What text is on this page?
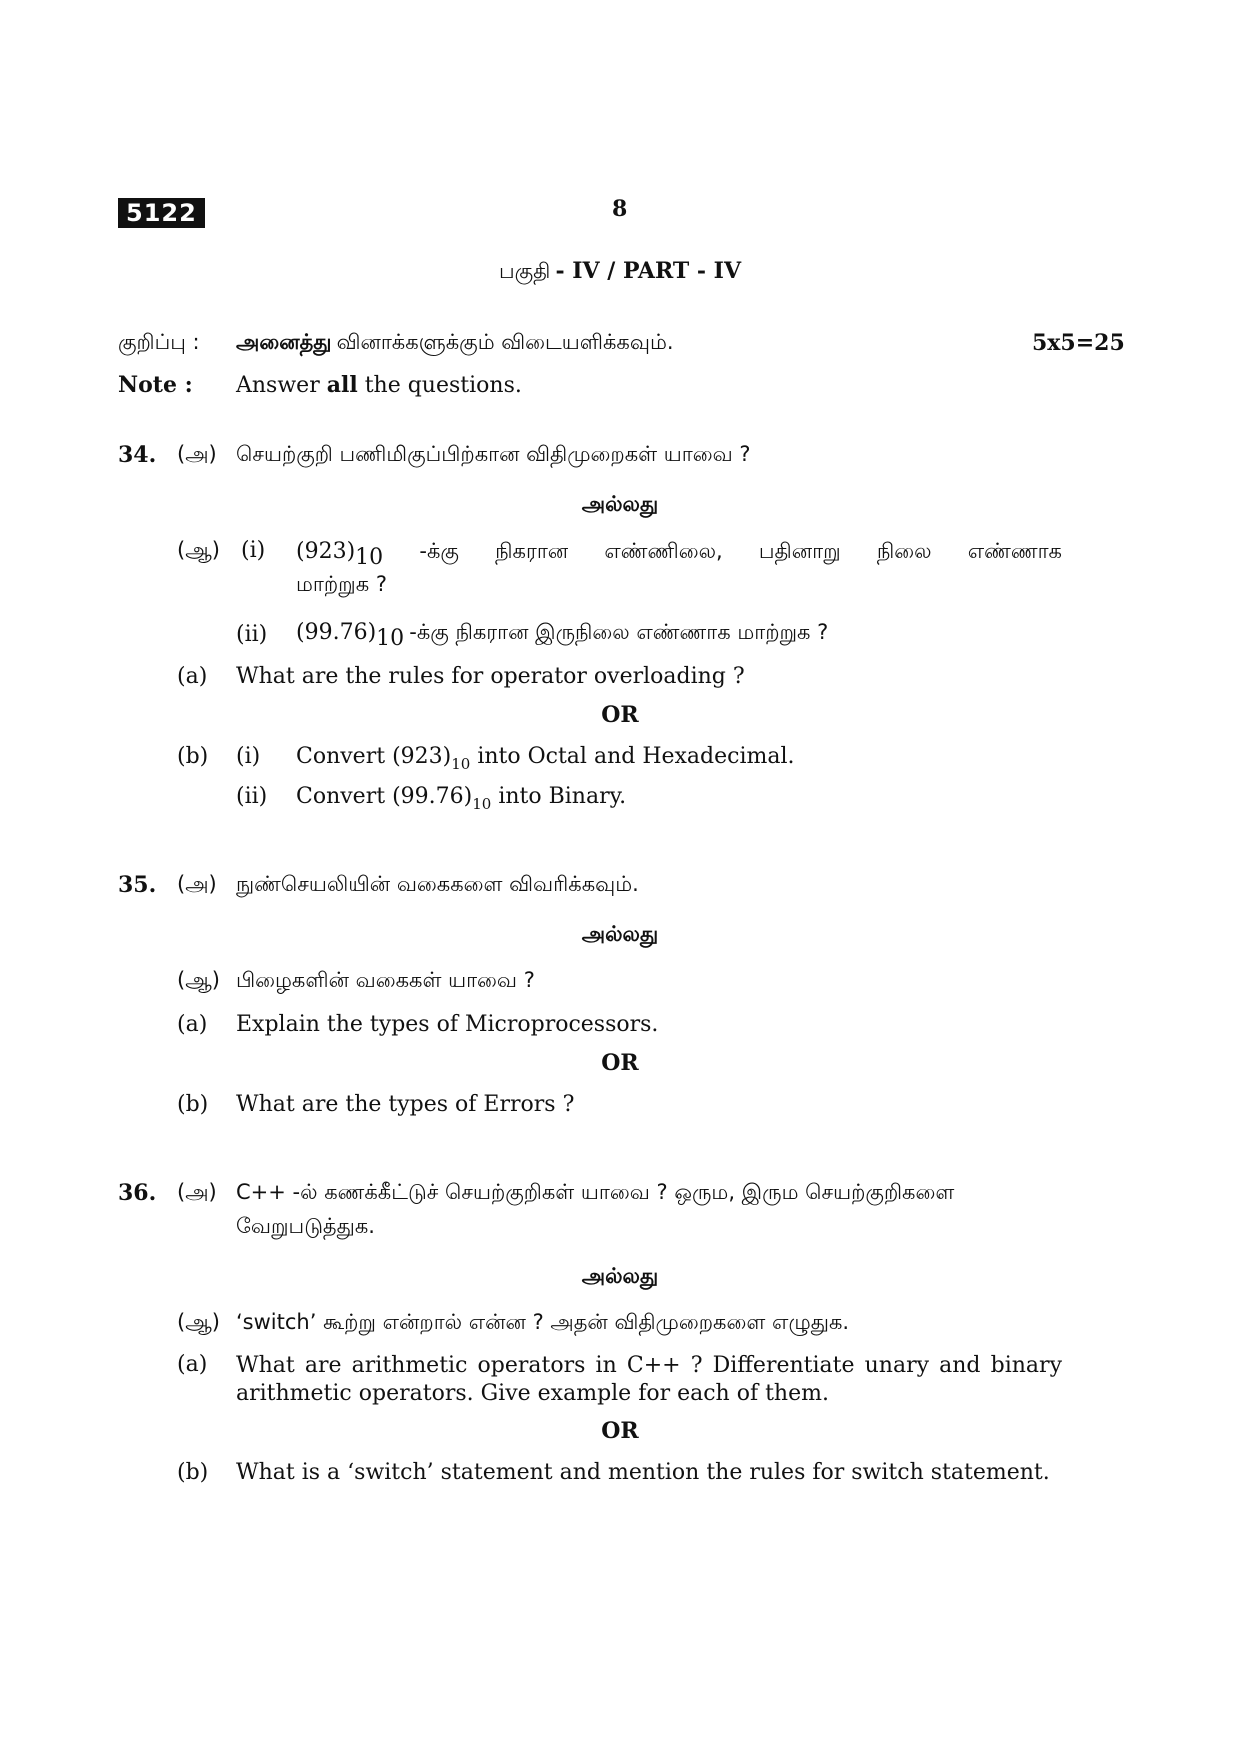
5122	8
பகுதி - IV / PART - IV
குறிப்பு : அனைத்து வினாக்களுக்கும் விடையளிக்கவும்.	5x5=25
Note : Answer all the questions.
34. (அ) செயற்குறி பணிமிகுப்பிற்கான விதிமுறைகள் யாவை ?
அல்லது
(ஆ) (i) $(923)_{10}$ -க்கு நிகரான எண்ணிலை, பதினாறு நிலை எண்ணாக
மாற்றுக ?
(ii) $(99.76)_{10}$ -க்கு நிகரான இருநிலை எண்ணாக மாற்றுக ?
(a) What are the rules for operator overloading ?
OR
(b) (i) Convert $(923)_{10}$ into Octal and Hexadecimal.
(ii) Convert $(99.76)_{10}$ into Binary.
35. (அ) நுண்செயலியின் வகைகளை விவரிக்கவும்.
அல்லது
(ஆ) பிழைகளின் வகைகள் யாவை ?
(a) Explain the types of Microprocessors.
OR
(b) What are the types of Errors ?
36. (அ) C++ -ல் கணக்கீட்டுச் செயற்குறிகள் யாவை ? ஒரும, இரும செயற்குறிகளை
வேறுபடுத்துக.
அல்லது
(ஆ) ‘switch’ கூற்று என்றால் என்ன ? அதன் விதிமுறைகளை எழுதுக.
(a) What are arithmetic operators in C++ ? Differentiate unary and binary
arithmetic operators. Give example for each of them.
OR
(b) What is a ‘switch’ statement and mention the rules for switch statement.
